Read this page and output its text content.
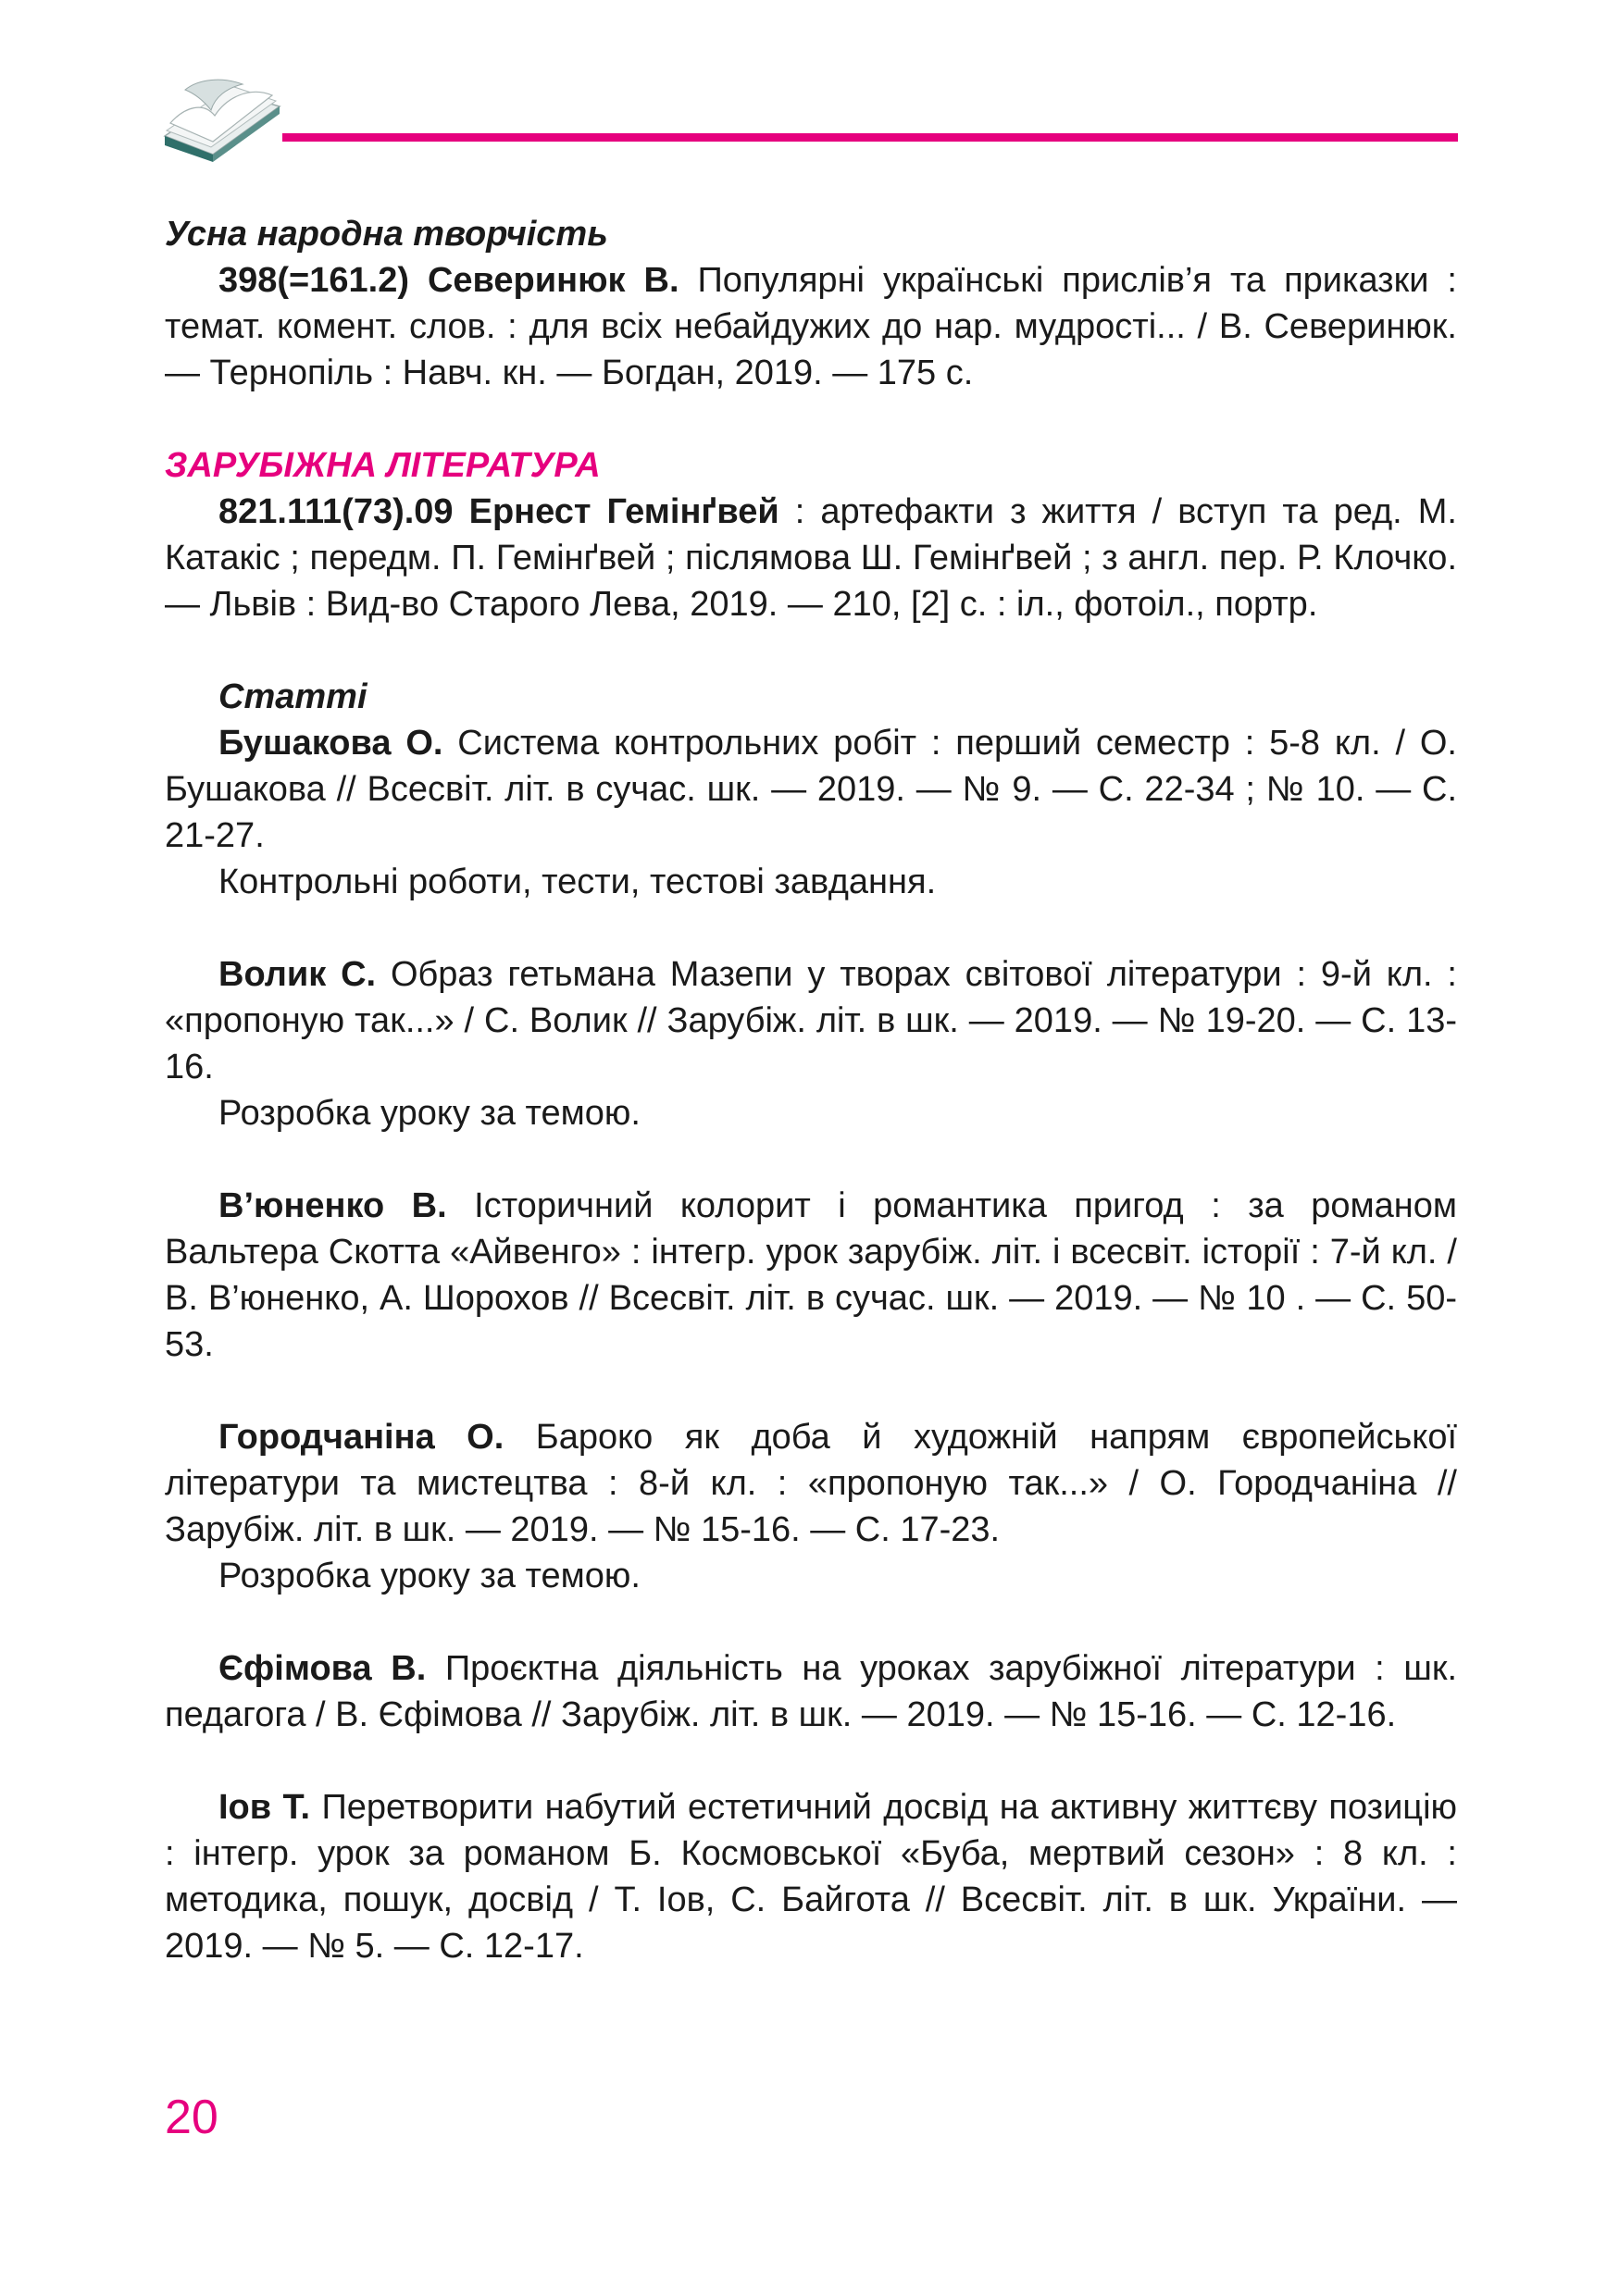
Усна народна творчість

398(=161.2) Северинюк В. Популярні українські прислів’я та приказки : темат. комент. слов. : для всіх небайдужих до нар. мудрості... / В. Северинюк. — Тернопіль : Навч. кн. — Богдан, 2019. — 175 с.

ЗАРУБІЖНА ЛІТЕРАТУРА

821.111(73).09 Ернест Гемінґвей : артефакти з життя / вступ та ред. М. Катакіс ; передм. П. Гемінґвей ; післямова Ш. Гемінґвей ; з англ. пер. Р. Клочко. — Львів : Вид-во Старого Лева, 2019. — 210, [2] с. : іл., фотоіл., портр.

Статті

Бушакова О. Система контрольних робіт : перший семестр : 5-8 кл. / О. Бушакова // Всесвіт. літ. в сучас. шк. — 2019. — № 9. — С. 22-34 ; № 10. — С. 21-27.

Контрольні роботи, тести, тестові завдання.

Волик С. Образ гетьмана Мазепи у творах світової літератури : 9-й кл. : «пропоную так...» / С. Волик // Зарубіж. літ. в шк. — 2019. — № 19-20. — С. 13-16.

Розробка уроку за темою.

В’юненко В. Історичний колорит і романтика пригод : за романом Вальтера Скотта «Айвенго» : інтегр. урок зарубіж. літ. і всесвіт. історії : 7-й кл. / В. В’юненко, А. Шорохов // Всесвіт. літ. в сучас. шк. — 2019. — № 10 . — С. 50-53.

Городчаніна О. Бароко як доба й художній напрям європейської літератури та мистецтва : 8-й кл. : «пропоную так...» / О. Городчаніна // Зарубіж. літ. в шк. — 2019. — № 15-16. — С. 17-23.

Розробка уроку за темою.

Єфімова В. Проєктна діяльність на уроках зарубіжної літератури : шк. педагога / В. Єфімова // Зарубіж. літ. в шк. — 2019. — № 15-16. — С. 12-16.

Іов Т. Перетворити набутий естетичний досвід на активну життєву позицію : інтегр. урок за романом Б. Космовської «Буба, мертвий сезон» : 8 кл. : методика, пошук, досвід / Т. Іов, С. Байгота // Всесвіт. літ. в шк. України. — 2019. — № 5. — С. 12-17.

20
